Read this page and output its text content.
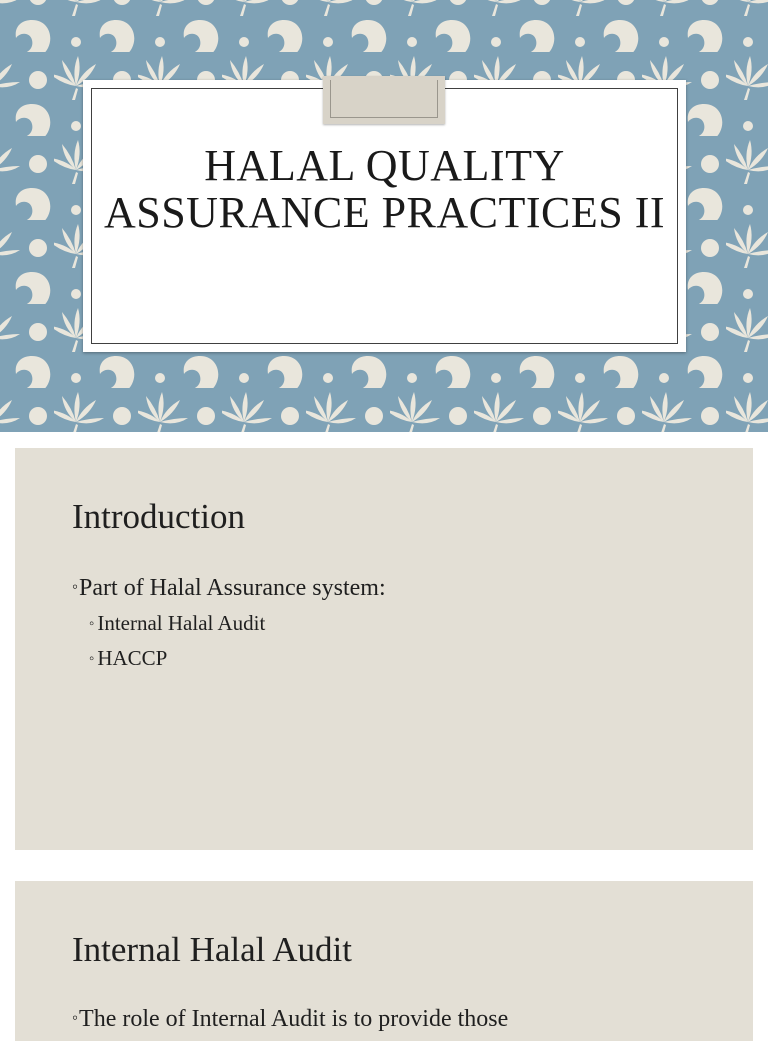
HALAL QUALITY ASSURANCE PRACTICES II
Introduction
◦Part of Halal Assurance system:
◦ Internal Halal Audit
◦ HACCP
Internal Halal Audit
◦The role of Internal Audit is to provide those
